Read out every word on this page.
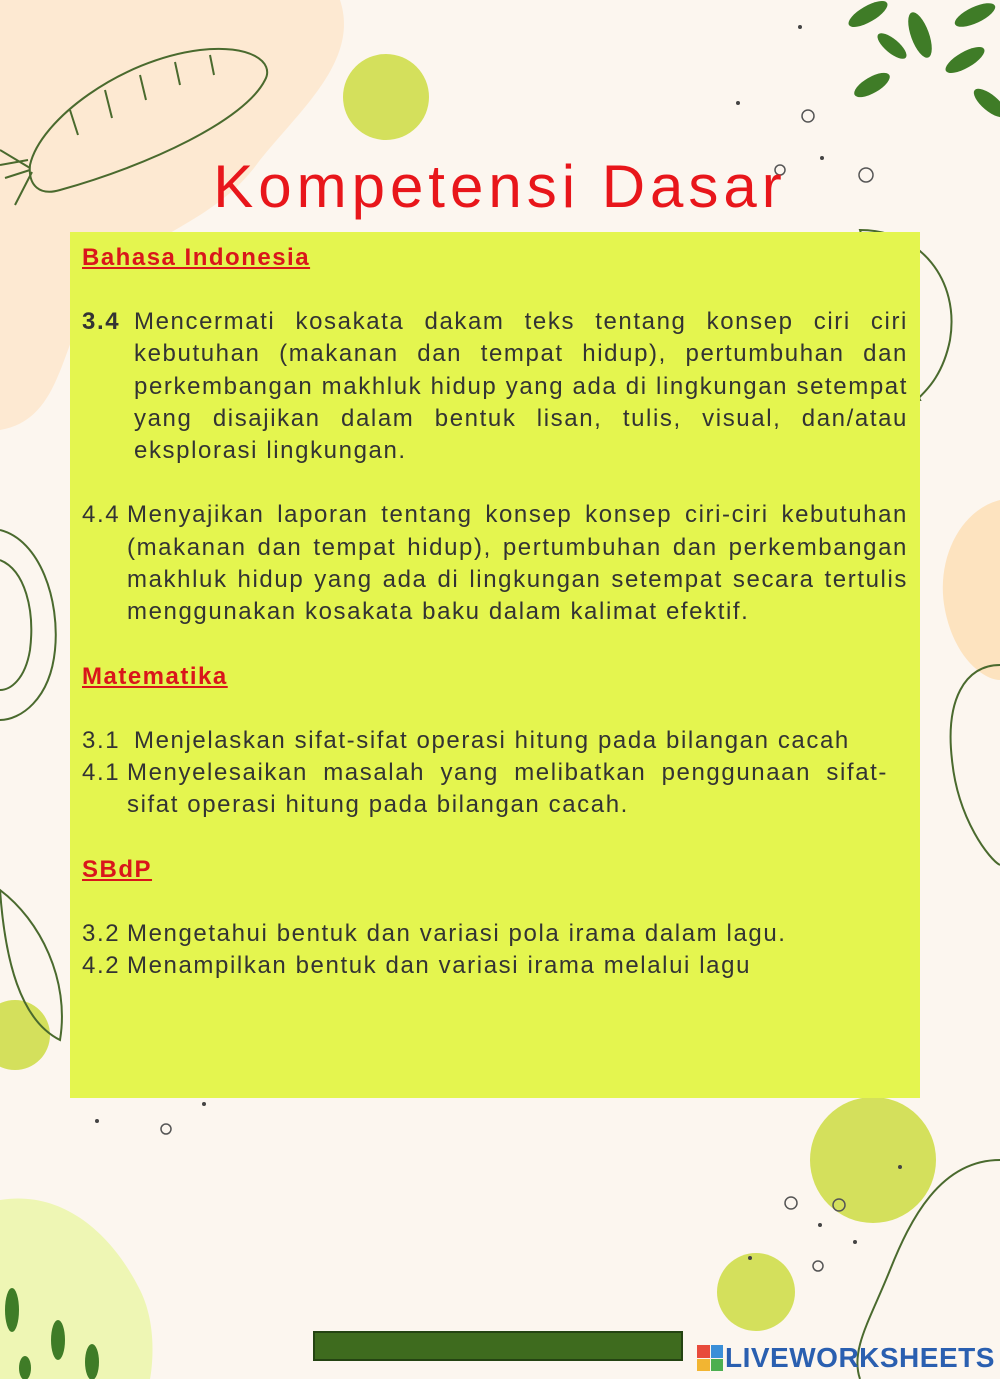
Kompetensi Dasar

Bahasa Indonesia

3.4 Mencermati kosakata dakam teks tentang konsep ciri ciri kebutuhan (makanan dan tempat hidup), pertumbuhan dan perkembangan makhluk hidup yang ada di lingkungan setempat yang disajikan dalam bentuk lisan, tulis, visual, dan/atau eksplorasi lingkungan.
4.4 Menyajikan laporan tentang konsep konsep ciri-ciri kebutuhan (makanan dan tempat hidup), pertumbuhan dan perkembangan makhluk hidup yang ada di lingkungan setempat secara tertulis menggunakan kosakata baku dalam kalimat efektif.

Matematika

3.1 Menjelaskan sifat-sifat operasi hitung pada bilangan cacah
4.1 Menyelesaikan masalah yang melibatkan penggunaan sifat-sifat operasi hitung pada bilangan cacah.

SBdP

3.2 Mengetahui bentuk dan variasi pola irama dalam lagu.
4.2 Menampilkan bentuk dan variasi irama melalui lagu
LIVEWORKSHEETS
